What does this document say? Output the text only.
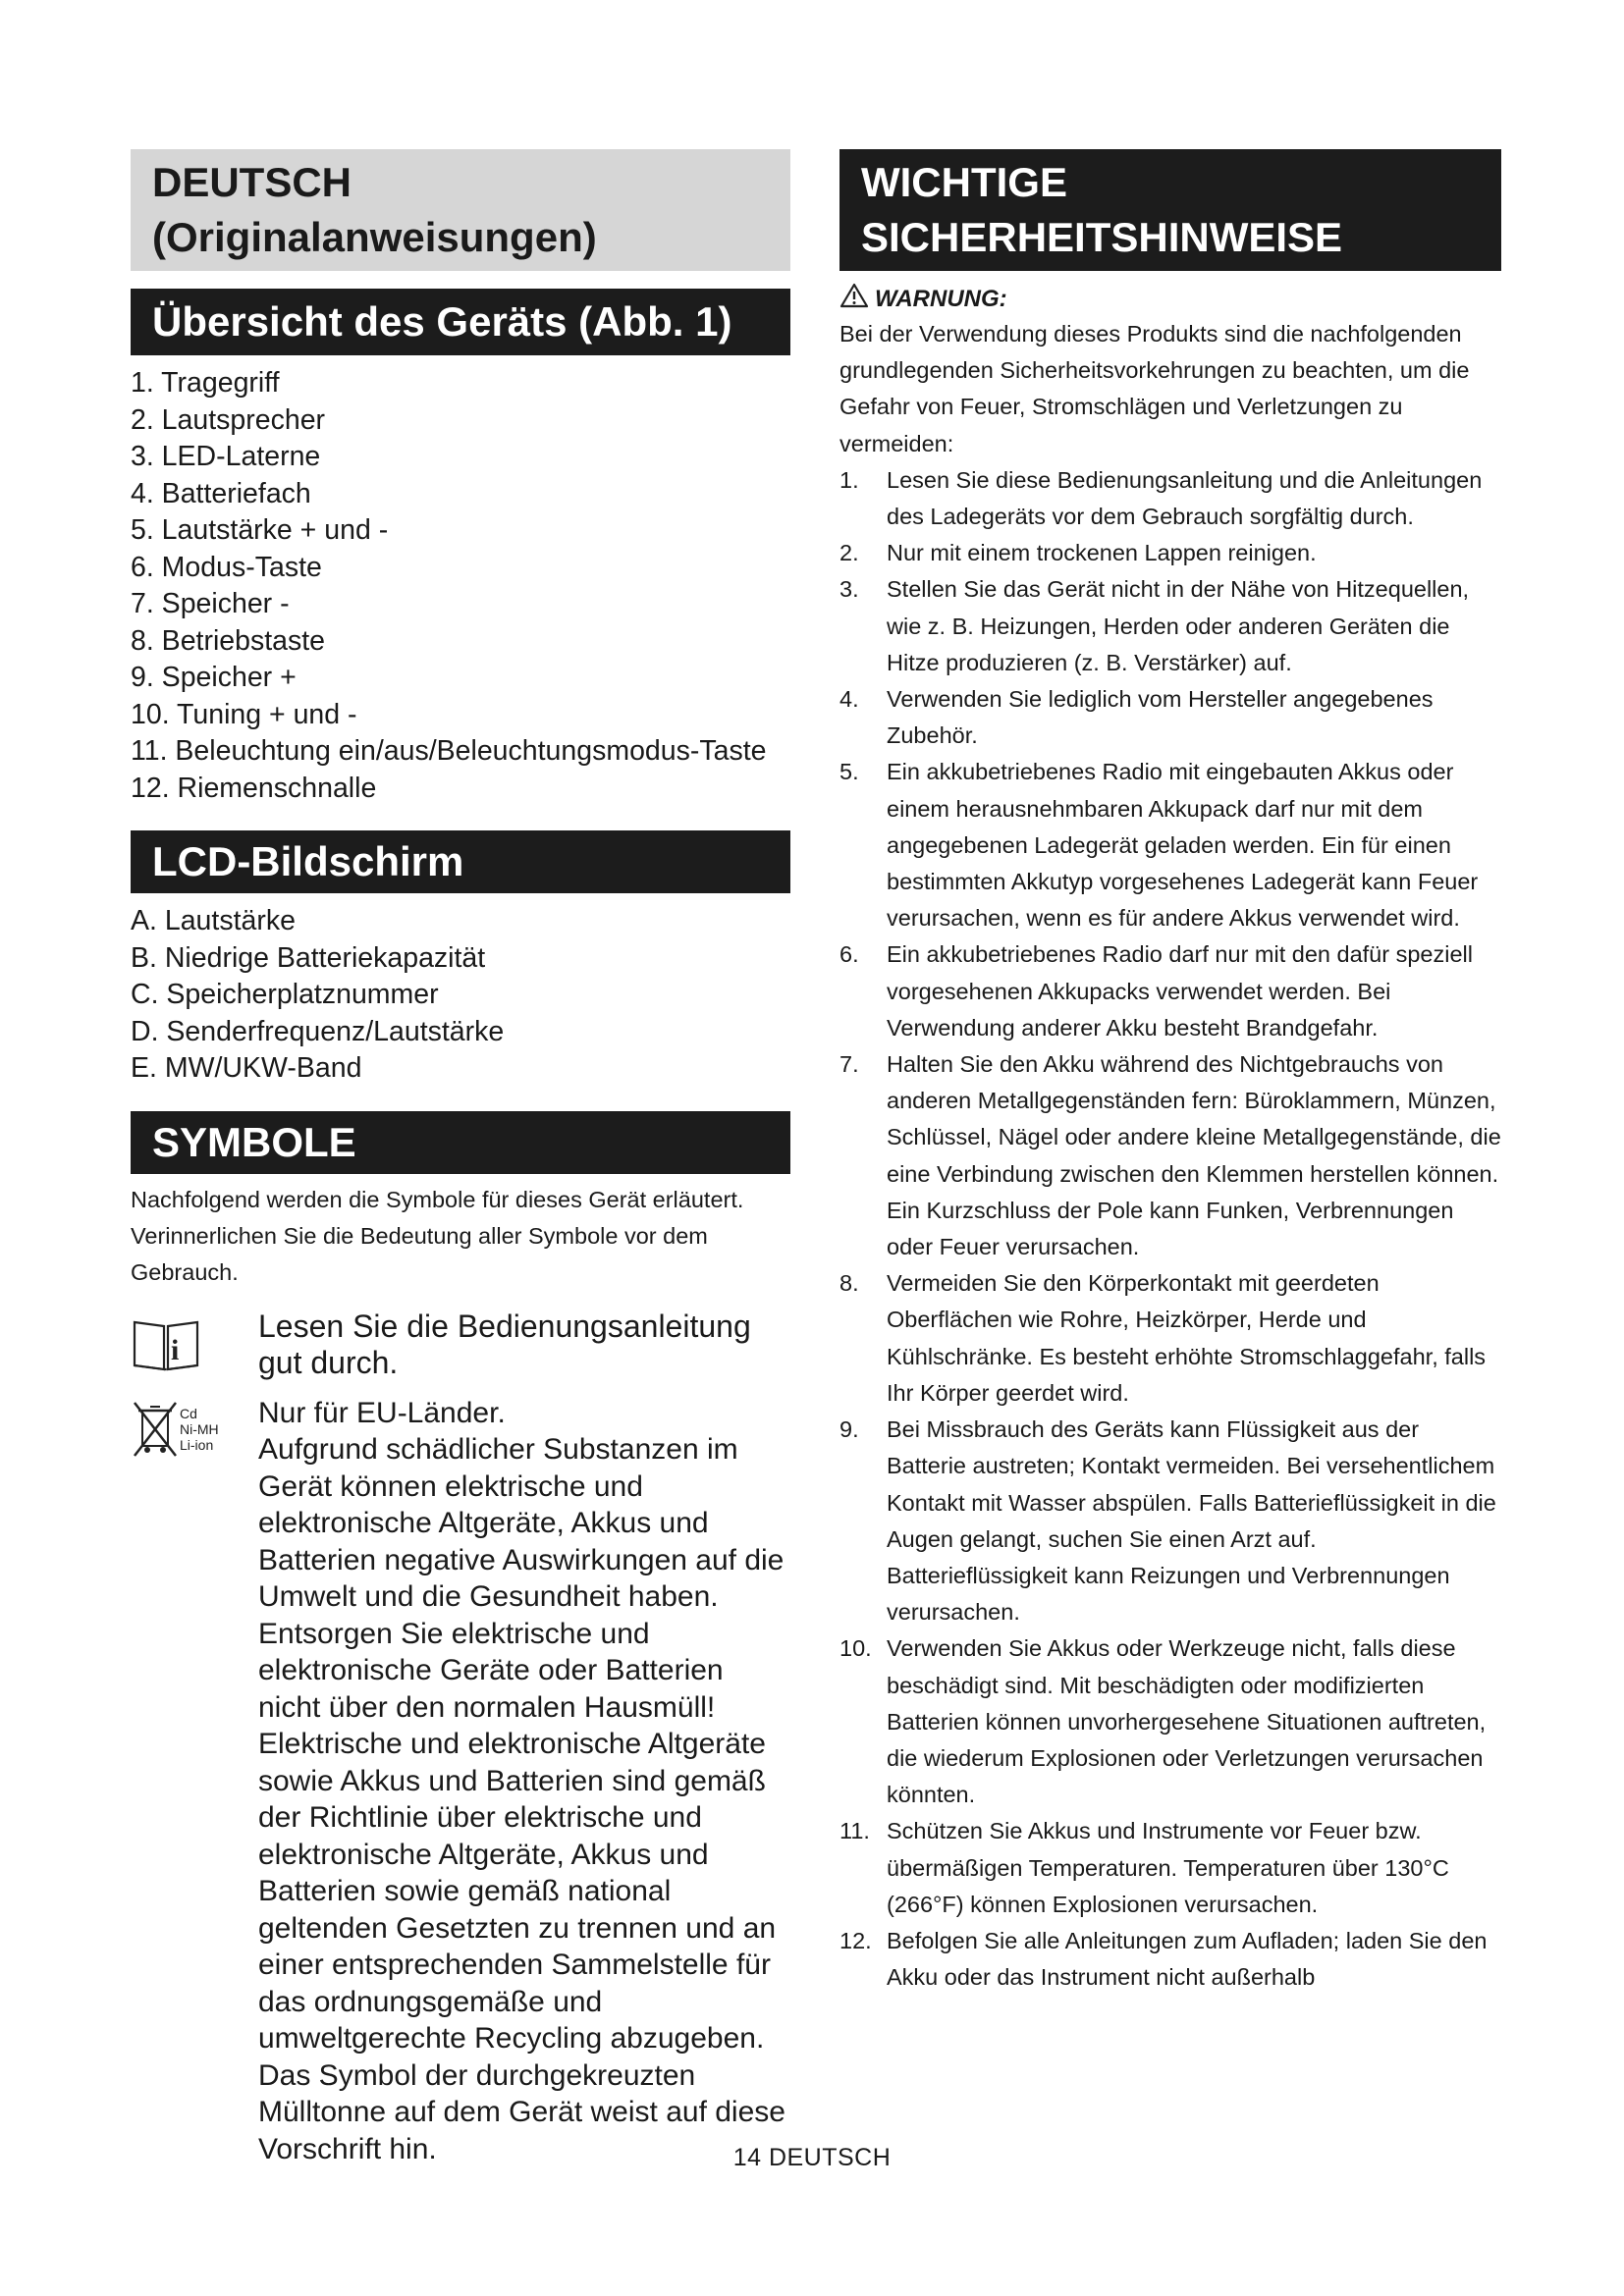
DEUTSCH
(Originalanweisungen)
Übersicht des Geräts (Abb. 1)
1. Tragegriff
2. Lautsprecher
3. LED-Laterne
4. Batteriefach
5. Lautstärke + und -
6. Modus-Taste
7. Speicher -
8. Betriebstaste
9. Speicher +
10. Tuning + und -
11. Beleuchtung ein/aus/Beleuchtungsmodus-Taste
12. Riemenschnalle
LCD-Bildschirm
A. Lautstärke
B. Niedrige Batteriekapazität
C. Speicherplatznummer
D. Senderfrequenz/Lautstärke
E. MW/UKW-Band
SYMBOLE

Nachfolgend werden die Symbole für dieses Gerät erläutert. Verinnerlichen Sie die Bedeutung aller Symbole vor dem Gebrauch.

i

Lesen Sie die Bedienungsanleitung gut durch.

Cd
Ni-MH
Li-ion

Nur für EU-Länder.

Aufgrund schädlicher Substanzen im Gerät können elektrische und elektronische Altgeräte, Akkus und Batterien negative Auswirkungen auf die Umwelt und die Gesundheit haben. Entsorgen Sie elektrische und elektronische Geräte oder Batterien nicht über den normalen Hausmüll! Elektrische und elektronische Altgeräte sowie Akkus und Batterien sind gemäß der Richtlinie über elektrische und elektronische Altgeräte, Akkus und Batterien sowie gemäß national geltenden Gesetzten zu trennen und an einer entsprechenden Sammelstelle für das ordnungsgemäße und umweltgerechte Recycling abzugeben.

Das Symbol der durchgekreuzten Mülltonne auf dem Gerät weist auf diese Vorschrift hin.

WICHTIGE
SICHERHEITSHINWEISE
WARNUNG:

Bei der Verwendung dieses Produkts sind die nachfolgenden grundlegenden Sicherheitsvorkehrungen zu beachten, um die Gefahr von Feuer, Stromschlägen und Verletzungen zu vermeiden:

1. Lesen Sie diese Bedienungsanleitung und die Anleitungen des Ladegeräts vor dem Gebrauch sorgfältig durch.
2. Nur mit einem trockenen Lappen reinigen.
3. Stellen Sie das Gerät nicht in der Nähe von Hitzequellen, wie z. B. Heizungen, Herden oder anderen Geräten die Hitze produzieren (z. B. Verstärker) auf.
4. Verwenden Sie lediglich vom Hersteller angegebenes Zubehör.
5. Ein akkubetriebenes Radio mit eingebauten Akkus oder einem herausnehmbaren Akkupack darf nur mit dem angegebenen Ladegerät geladen werden. Ein für einen bestimmten Akkutyp vorgesehenes Ladegerät kann Feuer verursachen, wenn es für andere Akkus verwendet wird.
6. Ein akkubetriebenes Radio darf nur mit den dafür speziell vorgesehenen Akkupacks verwendet werden. Bei Verwendung anderer Akku besteht Brandgefahr.
7. Halten Sie den Akku während des Nichtgebrauchs von anderen Metallgegenständen fern: Büroklammern, Münzen, Schlüssel, Nägel oder andere kleine Metallgegenstände, die eine Verbindung zwischen den Klemmen herstellen können. Ein Kurzschluss der Pole kann Funken, Verbrennungen oder Feuer verursachen.
8. Vermeiden Sie den Körperkontakt mit geerdeten Oberflächen wie Rohre, Heizkörper, Herde und Kühlschränke. Es besteht erhöhte Stromschlaggefahr, falls Ihr Körper geerdet wird.
9. Bei Missbrauch des Geräts kann Flüssigkeit aus der Batterie austreten; Kontakt vermeiden. Bei versehentlichem Kontakt mit Wasser abspülen. Falls Batterieflüssigkeit in die Augen gelangt, suchen Sie einen Arzt auf. Batterieflüssigkeit kann Reizungen und Verbrennungen verursachen.
10. Verwenden Sie Akkus oder Werkzeuge nicht, falls diese beschädigt sind. Mit beschädigten oder modifizierten Batterien können unvorhergesehene Situationen auftreten, die wiederum Explosionen oder Verletzungen verursachen könnten.
11. Schützen Sie Akkus und Instrumente vor Feuer bzw. übermäßigen Temperaturen. Temperaturen über 130°C (266°F) können Explosionen verursachen.
12. Befolgen Sie alle Anleitungen zum Aufladen; laden Sie den Akku oder das Instrument nicht außerhalb
14 DEUTSCH
